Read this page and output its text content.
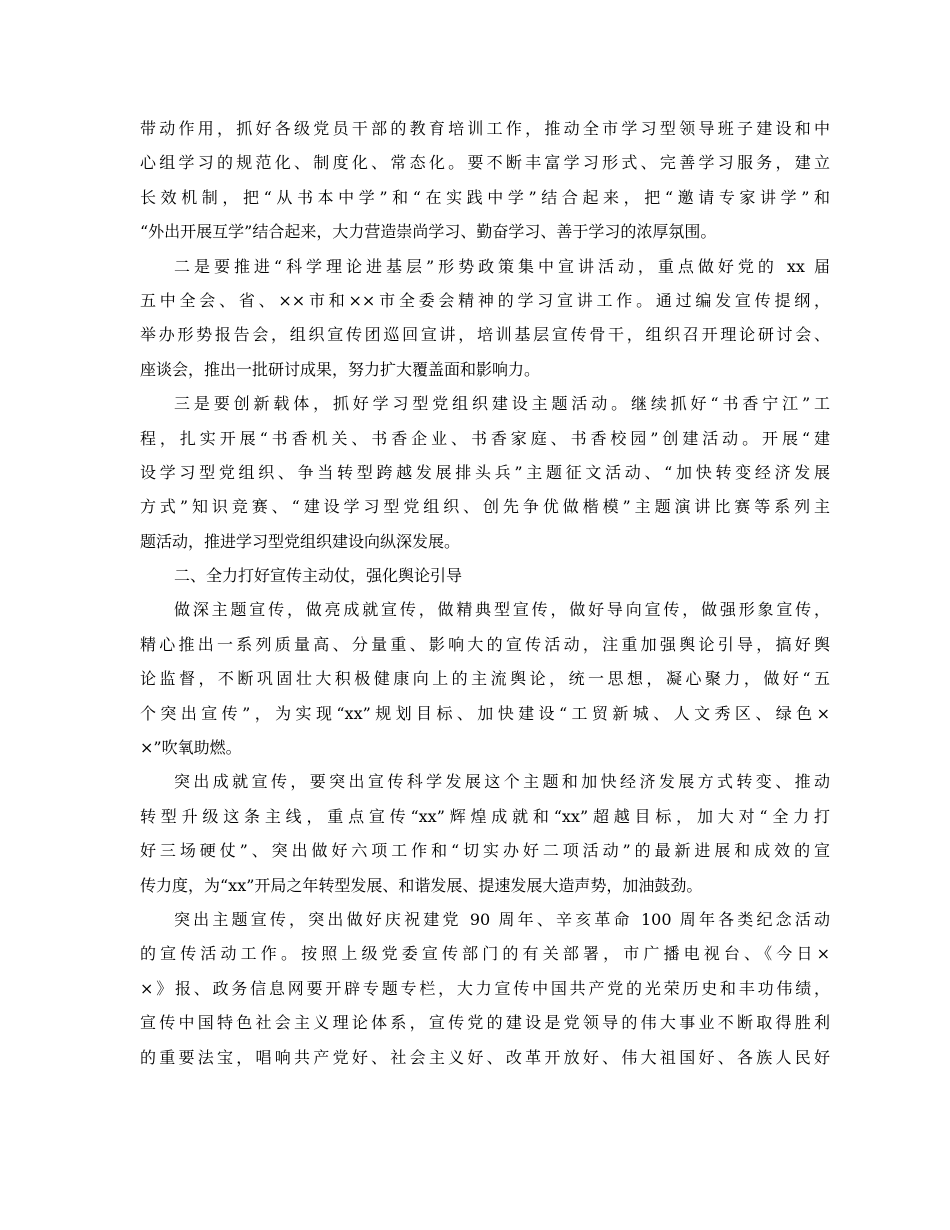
带动作用，抓好各级党员干部的教育培训工作，推动全市学习型领导班子建设和中
心组学习的规范化、制度化、常态化。要不断丰富学习形式、完善学习服务，建立
长效机制，把“从书本中学”和“在实践中学”结合起来，把“邀请专家讲学”和
“外出开展互学”结合起来，大力营造崇尚学习、勤奋学习、善于学习的浓厚氛围。
二是要推进“科学理论进基层”形势政策集中宣讲活动，重点做好党的 xx 届
五中全会、省、××市和××市全委会精神的学习宣讲工作。通过编发宣传提纲，
举办形势报告会，组织宣传团巡回宣讲，培训基层宣传骨干，组织召开理论研讨会、
座谈会，推出一批研讨成果，努力扩大覆盖面和影响力。
三是要创新载体，抓好学习型党组织建设主题活动。继续抓好“书香宁江”工
程，扎实开展“书香机关、书香企业、书香家庭、书香校园”创建活动。开展“建
设学习型党组织、争当转型跨越发展排头兵”主题征文活动、“加快转变经济发展
方式”知识竞赛、“建设学习型党组织、创先争优做楷模”主题演讲比赛等系列主
题活动，推进学习型党组织建设向纵深发展。
二、全力打好宣传主动仗，强化舆论引导
做深主题宣传，做亮成就宣传，做精典型宣传，做好导向宣传，做强形象宣传，
精心推出一系列质量高、分量重、影响大的宣传活动，注重加强舆论引导，搞好舆
论监督，不断巩固壮大积极健康向上的主流舆论，统一思想，凝心聚力，做好“五
个突出宣传”，为实现“xx”规划目标、加快建设“工贸新城、人文秀区、绿色×
×”吹氧助燃。
突出成就宣传，要突出宣传科学发展这个主题和加快经济发展方式转变、推动
转型升级这条主线，重点宣传“xx”辉煌成就和“xx”超越目标，加大对“全力打
好三场硬仗”、突出做好六项工作和“切实办好二项活动”的最新进展和成效的宣
传力度，为“xx”开局之年转型发展、和谐发展、提速发展大造声势，加油鼓劲。
突出主题宣传，突出做好庆祝建党 90 周年、辛亥革命 100 周年各类纪念活动
的宣传活动工作。按照上级党委宣传部门的有关部署，市广播电视台、《今日×
×》报、政务信息网要开辟专题专栏，大力宣传中国共产党的光荣历史和丰功伟绩，
宣传中国特色社会主义理论体系，宣传党的建设是党领导的伟大事业不断取得胜利
的重要法宝，唱响共产党好、社会主义好、改革开放好、伟大祖国好、各族人民好
